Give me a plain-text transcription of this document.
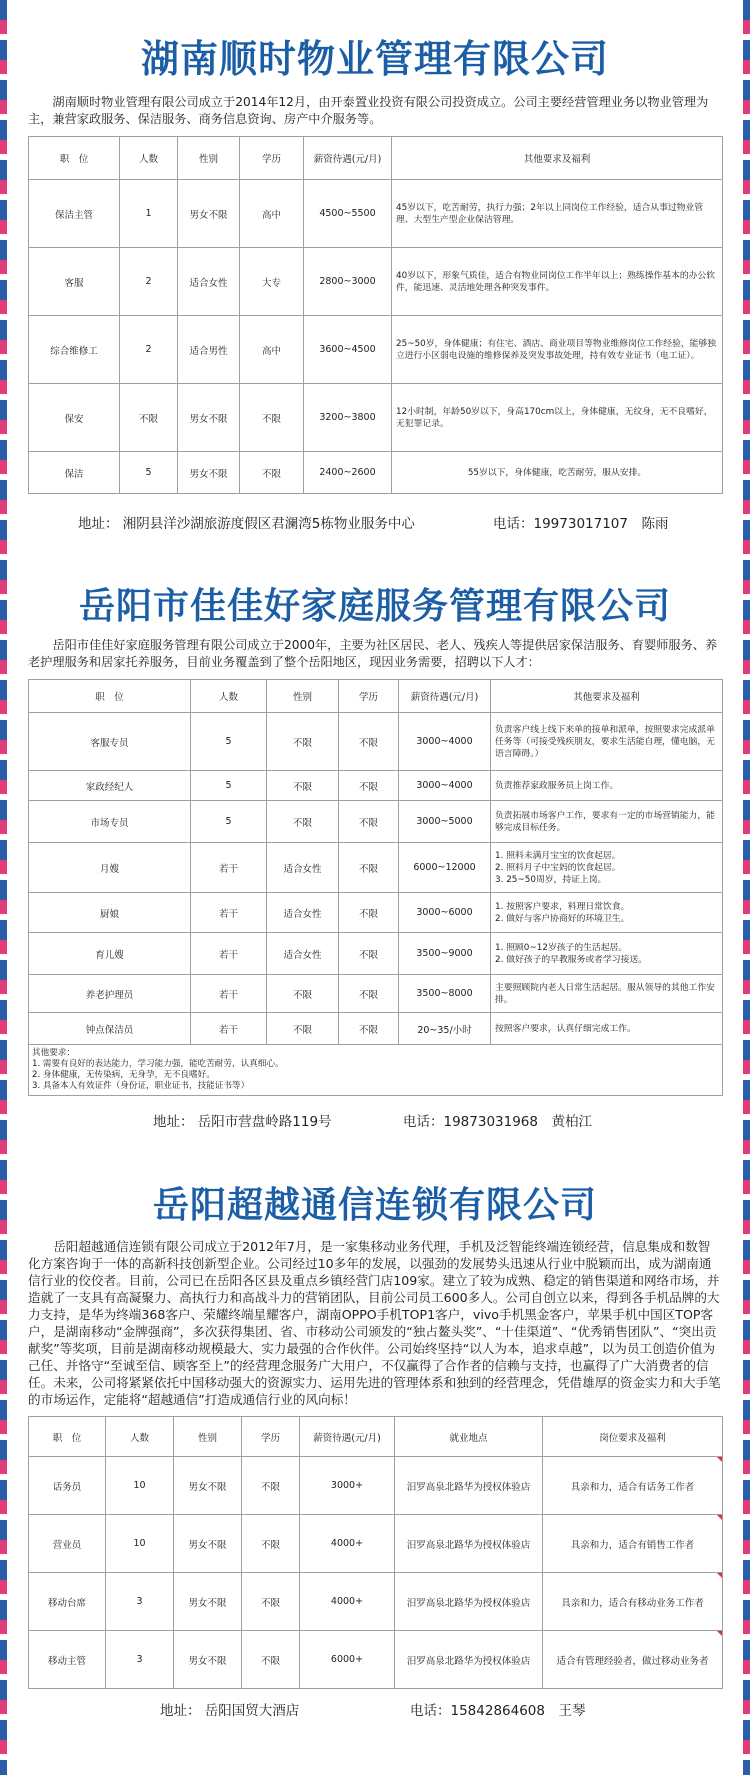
湖南顺时物业管理有限公司

湖南顺时物业管理有限公司成立于2014年12月，由开泰置业投资有限公司投资成立。公司主要经营管理业务以物业管理为主，兼营家政服务、保洁服务、商务信息资询、房产中介服务等。

职　位	人数	性别	学历	薪资待遇(元/月)	其他要求及福利
保洁主管	1	男女不限	高中	4500~5500	45岁以下，吃苦耐劳，执行力强；2年以上同岗位工作经验，适合从事过物业管理、大型生产型企业保洁管理。
客服	2	适合女性	大专	2800~3000	40岁以下，形象气质佳，适合有物业同岗位工作半年以上；熟练操作基本的办公软件，能迅速、灵活地处理各种突发事件。
综合维修工	2	适合男性	高中	3600~4500	25~50岁，身体健康；有住宅、酒店、商业项目等物业维修岗位工作经验，能够独立进行小区弱电设施的维修保养及突发事故处理，持有效专业证书（电工证）。
保安	不限	男女不限	不限	3200~3800	12小时制，年龄50岁以下，身高170cm以上，身体健康，无纹身，无不良嗜好，无犯罪记录。
保洁	5	男女不限	不限	2400~2600	55岁以下，身体健康，吃苦耐劳，服从安排。
地址： 湘阴县洋沙湖旅游度假区君澜湾5栋物业服务中心	电话：19973017107　陈雨
岳阳市佳佳好家庭服务管理有限公司

岳阳市佳佳好家庭服务管理有限公司成立于2000年，主要为社区居民、老人、残疾人等提供居家保洁服务、育婴师服务、养老护理服务和居家托养服务，目前业务覆盖到了整个岳阳地区，现因业务需要，招聘以下人才：

职　位	人数	性别	学历	薪资待遇(元/月)	其他要求及福利
客服专员	5	不限	不限	3000~4000	负责客户线上线下来单的接单和派单，按照要求完成派单任务等（可接受残疾朋友，要求生活能自理，懂电脑，无语言障碍。）
家政经纪人	5	不限	不限	3000~4000	负责推荐家政服务员上岗工作。
市场专员	5	不限	不限	3000~5000	负责拓展市场客户工作，要求有一定的市场营销能力，能够完成目标任务。
月嫂	若干	适合女性	不限	6000~12000	1. 照料未满月宝宝的饮食起居。
2. 照料月子中宝妈的饮食起居。
3. 25~50周岁，持证上岗。
厨娘	若干	适合女性	不限	3000~6000	1. 按照客户要求，料理日常饮食。
2. 做好与客户协商好的环境卫生。
育儿嫂	若干	适合女性	不限	3500~9000	1. 照顾0~12岁孩子的生活起居。
2. 做好孩子的早教服务或者学习接送。
养老护理员	若干	不限	不限	3500~8000	主要照顾院内老人日常生活起居。服从领导的其他工作安排。
钟点保洁员	若干	不限	不限	20~35/小时	按照客户要求，认真仔细完成工作。

其他要求：
1. 需要有良好的表达能力，学习能力强，能吃苦耐劳，认真细心。
2. 身体健康，无传染病，无身孕，无不良嗜好。
3. 具备本人有效证件（身份证，职业证书，技能证书等）					
地址： 岳阳市营盘岭路119号	电话：19873031968　黄柏江
岳阳超越通信连锁有限公司

岳阳超越通信连锁有限公司成立于2012年7月，是一家集移动业务代理，手机及泛智能终端连锁经营，信息集成和数智化方案咨询于一体的高新科技创新型企业。公司经过10多年的发展，以强劲的发展势头迅速从行业中脱颖而出，成为湖南通信行业的佼佼者。目前，公司已在岳阳各区县及重点乡镇经营门店109家。建立了较为成熟、稳定的销售渠道和网络市场，并造就了一支具有高凝聚力、高执行力和高战斗力的营销团队，目前公司员工600多人。公司自创立以来，得到各手机品牌的大力支持，是华为终端368客户、荣耀终端星耀客户，湖南OPPO手机TOP1客户，vivo手机黑金客户，苹果手机中国区TOP客户，是湖南移动“金牌强商”，多次获得集团、省、市移动公司颁发的“独占鳌头奖”、“十佳渠道”、“优秀销售团队”、“突出贡献奖”等奖项，目前是湖南移动规模最大、实力最强的合作伙伴。公司始终坚持“以人为本，追求卓越”，以为员工创造价值为己任、并恪守“至诚至信、顾客至上”的经营理念服务广大用户，不仅赢得了合作者的信赖与支持，也赢得了广大消费者的信任。未来，公司将紧紧依托中国移动强大的资源实力、运用先进的管理体系和独到的经营理念，凭借雄厚的资金实力和大手笔的市场运作，定能将“超越通信”打造成通信行业的风向标！

职　位	人数	性别	学历	薪资待遇(元/月)	就业地点	岗位要求及福利
话务员	10	男女不限	不限	3000+	汨罗高泉北路华为授权体验店	具亲和力，适合有话务工作者
营业员	10	男女不限	不限	4000+	汨罗高泉北路华为授权体验店	具亲和力，适合有销售工作者
移动台席	3	男女不限	不限	4000+	汨罗高泉北路华为授权体验店	具亲和力，适合有移动业务工作者
移动主管	3	男女不限	不限	6000+	汨罗高泉北路华为授权体验店	适合有管理经验者，做过移动业务者
地址： 岳阳国贸大酒店	电话：15842864608　王琴
